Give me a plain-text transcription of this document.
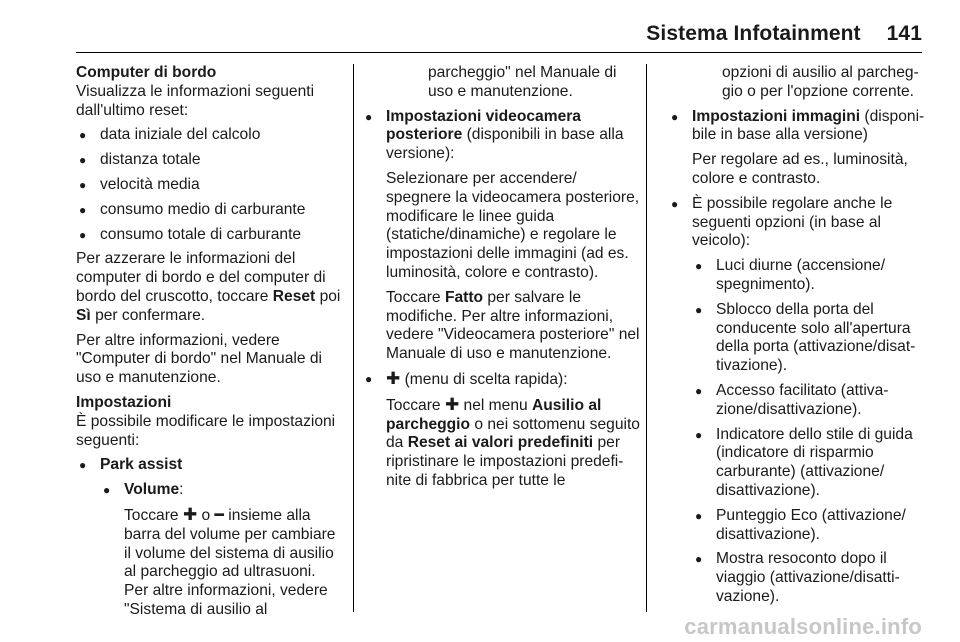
Sistema Infotainment 141
Computer di bordo

Visualizza le informazioni seguenti dall'ultimo reset:

● data iniziale del calcolo
● distanza totale
● velocità media
● consumo medio di carburante
● consumo totale di carburante

Per azzerare le informazioni del computer di bordo e del computer di bordo del cruscotto, toccare Reset poi Sì per confermare.

Per altre informazioni, vedere "Computer di bordo" nel Manuale di uso e manutenzione.

Impostazioni

È possibile modificare le impostazioni seguenti:

● Park assist
● Volume:

Toccare ✚ o ━ insieme alla barra del volume per cambiare il volume del sistema di ausilio al parcheggio ad ultrasuoni. Per altre informazioni, vedere "Sistema di ausilio al

parcheggio" nel Manuale di uso e manutenzione.
● Impostazioni videocamera posteriore (disponibili in base alla versione):

Selezionare per accendere/ spegnere la videocamera posteriore, modificare le linee guida (statiche/dinamiche) e regolare le impostazioni delle immagini (ad es. luminosità, colore e contrasto).

Toccare Fatto per salvare le modifiche. Per altre informazioni, vedere "Videocamera posteriore" nel Manuale di uso e manutenzione.

● ✚ (menu di scelta rapida):

Toccare ✚ nel menu Ausilio al parcheggio o nei sottomenu seguito da Reset ai valori predefiniti per ripristinare le impostazioni predefinite di fabbrica per tutte le

opzioni di ausilio al parcheggio o per l'opzione corrente.
● Impostazioni immagini (disponibile in base alla versione)

Per regolare ad es., luminosità, colore e contrasto.

● È possibile regolare anche le seguenti opzioni (in base al veicolo):
● Luci diurne (accensione/ spegnimento).
● Sblocco della porta del conducente solo all'apertura della porta (attivazione/disattivazione).
● Accesso facilitato (attivazione/disattivazione).
● Indicatore dello stile di guida (indicatore di risparmio carburante) (attivazione/ disattivazione).
● Punteggio Eco (attivazione/ disattivazione).
● Mostra resoconto dopo il viaggio (attivazione/disattivazione).
carmanualsonline.info
